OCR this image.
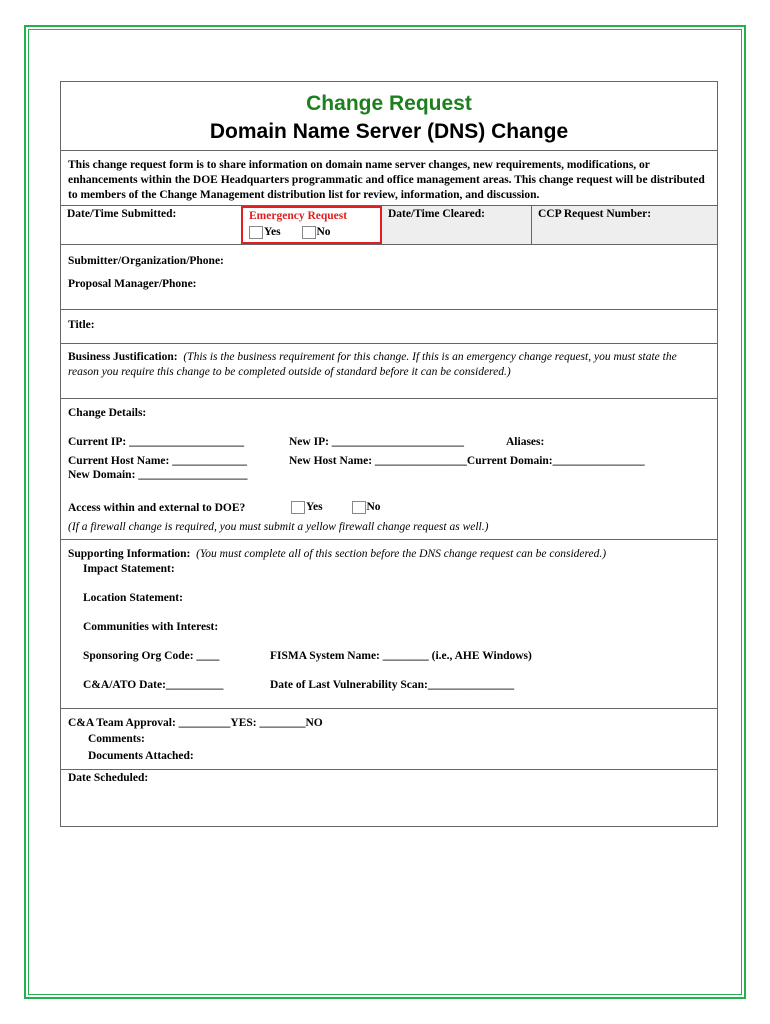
Change Request
Domain Name Server (DNS) Change
This change request form is to share information on domain name server changes, new requirements, modifications, or enhancements within the DOE Headquarters programmatic and office management areas. This change request will be distributed to members of the Change Management distribution list for review, information, and discussion.
Date/Time Submitted:	Emergency Request
Yes	No
Date/Time Cleared:	CCP Request Number:
Submitter/Organization/Phone:
Proposal Manager/Phone:
Title:
Business Justification: (This is the business requirement for this change. If this is an emergency change request, you must state the reason you require this change to be completed outside of standard before it can be considered.)
Change Details:
Current IP: ____________________	New IP: _______________________	Aliases:
Current Host Name: _____________	New Host Name: ________________Current Domain:________________
New Domain: ___________________
Access within and external to DOE?	Yes	No
(If a firewall change is required, you must submit a yellow firewall change request as well.)
Supporting Information: (You must complete all of this section before the DNS change request can be considered.)
Impact Statement:
Location Statement:
Communities with Interest:
Sponsoring Org Code: ____	FISMA System Name: ________ (i.e., AHE Windows)
C&A/ATO Date:__________	Date of Last Vulnerability Scan:_______________
C&A Team Approval: _________YES: ________NO
Comments:
Documents Attached:
Date Scheduled:
